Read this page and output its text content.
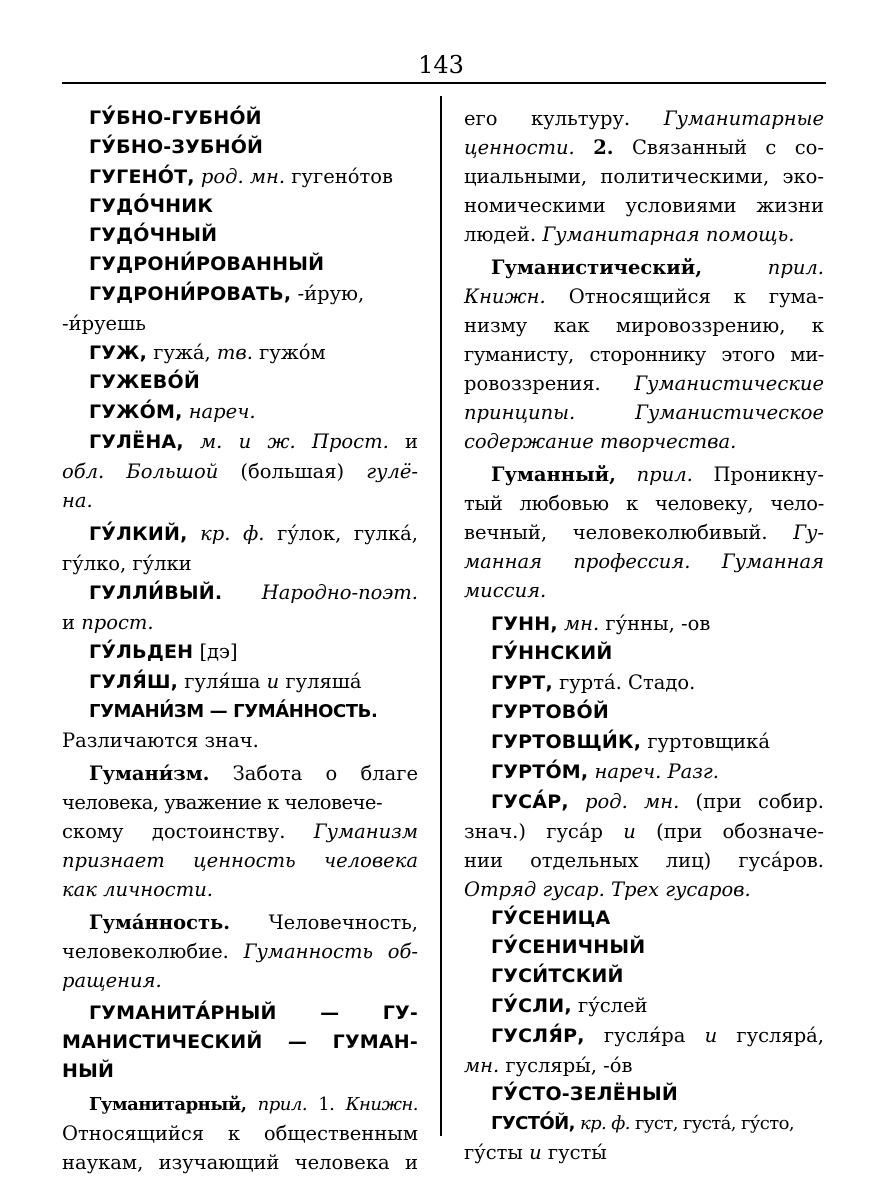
143
ГУ́БНО-ГУБНО́Й
ГУ́БНО-ЗУБНО́Й
ГУГЕНО́Т, род. мн. гугено́тов
ГУДО́ЧНИК
ГУДО́ЧНЫЙ
ГУДРОНИ́РОВАННЫЙ
ГУДРОНИ́РОВАТЬ, -и́рую,
-и́руешь
ГУЖ, гужа́, тв. гужо́м
ГУЖЕВО́Й
ГУЖО́М, нареч.
ГУЛЁНА, м. и ж. Прост. и
обл. Большой (большая) гулё-
на.
ГУ́ЛКИЙ, кр. ф. гу́лок, гулка́,
гу́лко, гу́лки
ГУЛЛИ́ВЫЙ. Народно-поэт.
и прост.
ГУ́ЛЬДЕН [дэ]
ГУЛЯ́Ш, гуля́ша и гуляша́
ГУМАНИ́ЗМ — ГУМА́ННОСТЬ.
Различаются знач.
Гумани́зм. Забота о благе
человека, уважение к человече-
скому достоинству. Гуманизм
признает ценность человека
как личности.
Гума́нность. Человечность,
человеколюбие. Гуманность об-
ращения.
ГУМАНИТА́РНЫЙ — ГУ-
МАНИСТИЧЕСКИЙ — ГУМАН-
НЫЙ
Гуманитарный, прил. 1. Книжн.
Относящийся к общественным
наукам, изучающий человека и
его культуру. Гуманитарные
ценности. 2. Связанный с со-
циальными, политическими, эко-
номическими условиями жизни
людей. Гуманитарная помощь.
Гуманистический,	прил.
Книжн. Относящийся к гума-
низму как мировоззрению, к
гуманисту, стороннику этого ми-
ровоззрения. Гуманистические
принципы. Гуманистическое
содержание творчества.
Гуманный, прил. Проникну-
тый любовью к человеку, чело-
вечный, человеколюбивый. Гу-
манная профессия. Гуманная
миссия.
ГУНН, мн. гу́нны, -ов
ГУ́ННСКИЙ
ГУРТ, гурта́. Стадо.
ГУРТОВО́Й
ГУРТОВЩИ́К, гуртовщика́
ГУРТО́М, нареч. Разг.
ГУСА́Р, род. мн. (при собир.
знач.) гуса́р и (при обозначе-
нии отдельных лиц) гуса́ров.
Отряд гусар. Трех гусаров.
ГУ́СЕНИЦА
ГУ́СЕНИЧНЫЙ
ГУСИ́ТСКИЙ
ГУ́СЛИ, гу́слей
ГУСЛЯ́Р, гусля́ра и гусляра́,
мн. гусляры́, -о́в
ГУ́СТО-ЗЕЛЁНЫЙ
ГУСТО́Й, кр. ф. густ, густа́, гу́сто,
гу́сты и густы́
